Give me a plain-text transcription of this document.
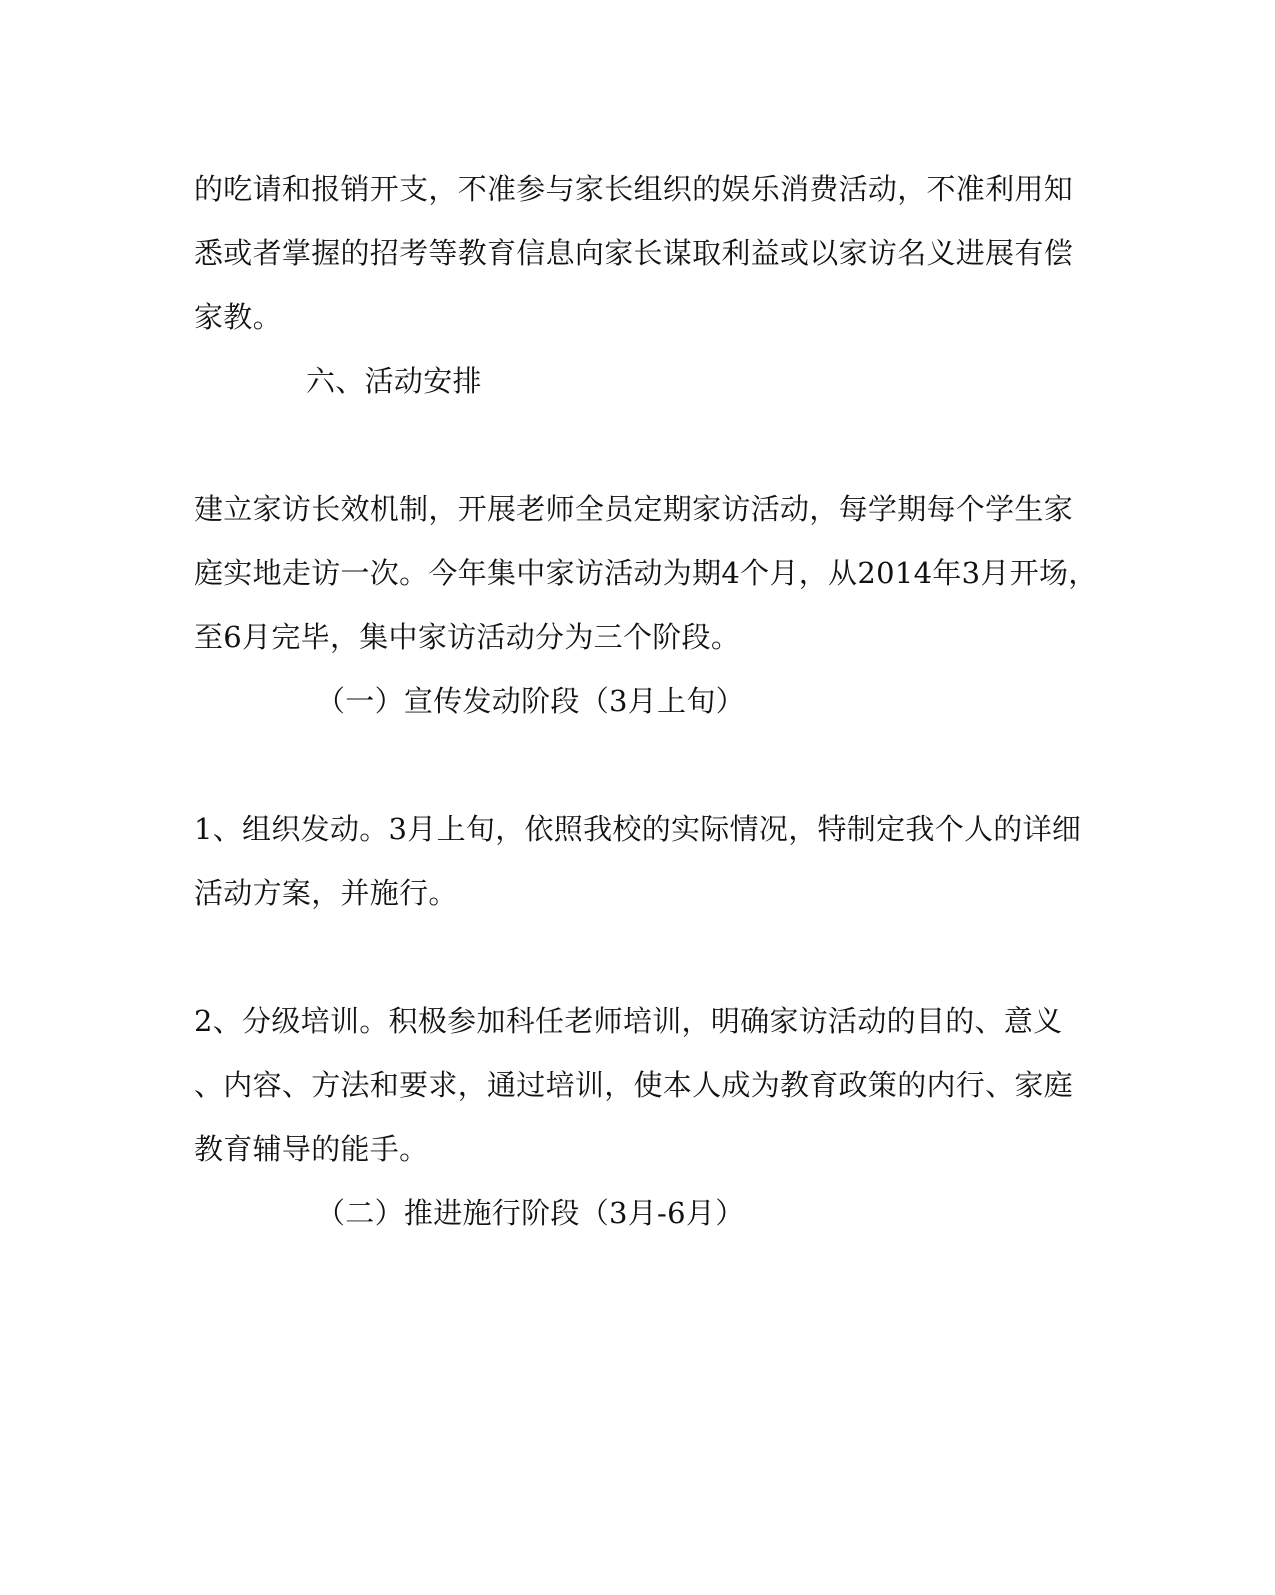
的吃请和报销开支，不准参与家长组织的娱乐消费活动，不准利用知
悉或者掌握的招考等教育信息向家长谋取利益或以家访名义进展有偿
家教。
六、活动安排
建立家访长效机制，开展老师全员定期家访活动，每学期每个学生家
庭实地走访一次。今年集中家访活动为期4个月，从2014年3月开场，
至6月完毕，集中家访活动分为三个阶段。
（一）宣传发动阶段（3月上旬）
1、组织发动。3月上旬，依照我校的实际情况，特制定我个人的详细
活动方案，并施行。
2、分级培训。积极参加科任老师培训，明确家访活动的目的、意义
、内容、方法和要求，通过培训，使本人成为教育政策的内行、家庭
教育辅导的能手。
（二）推进施行阶段（3月-6月）
